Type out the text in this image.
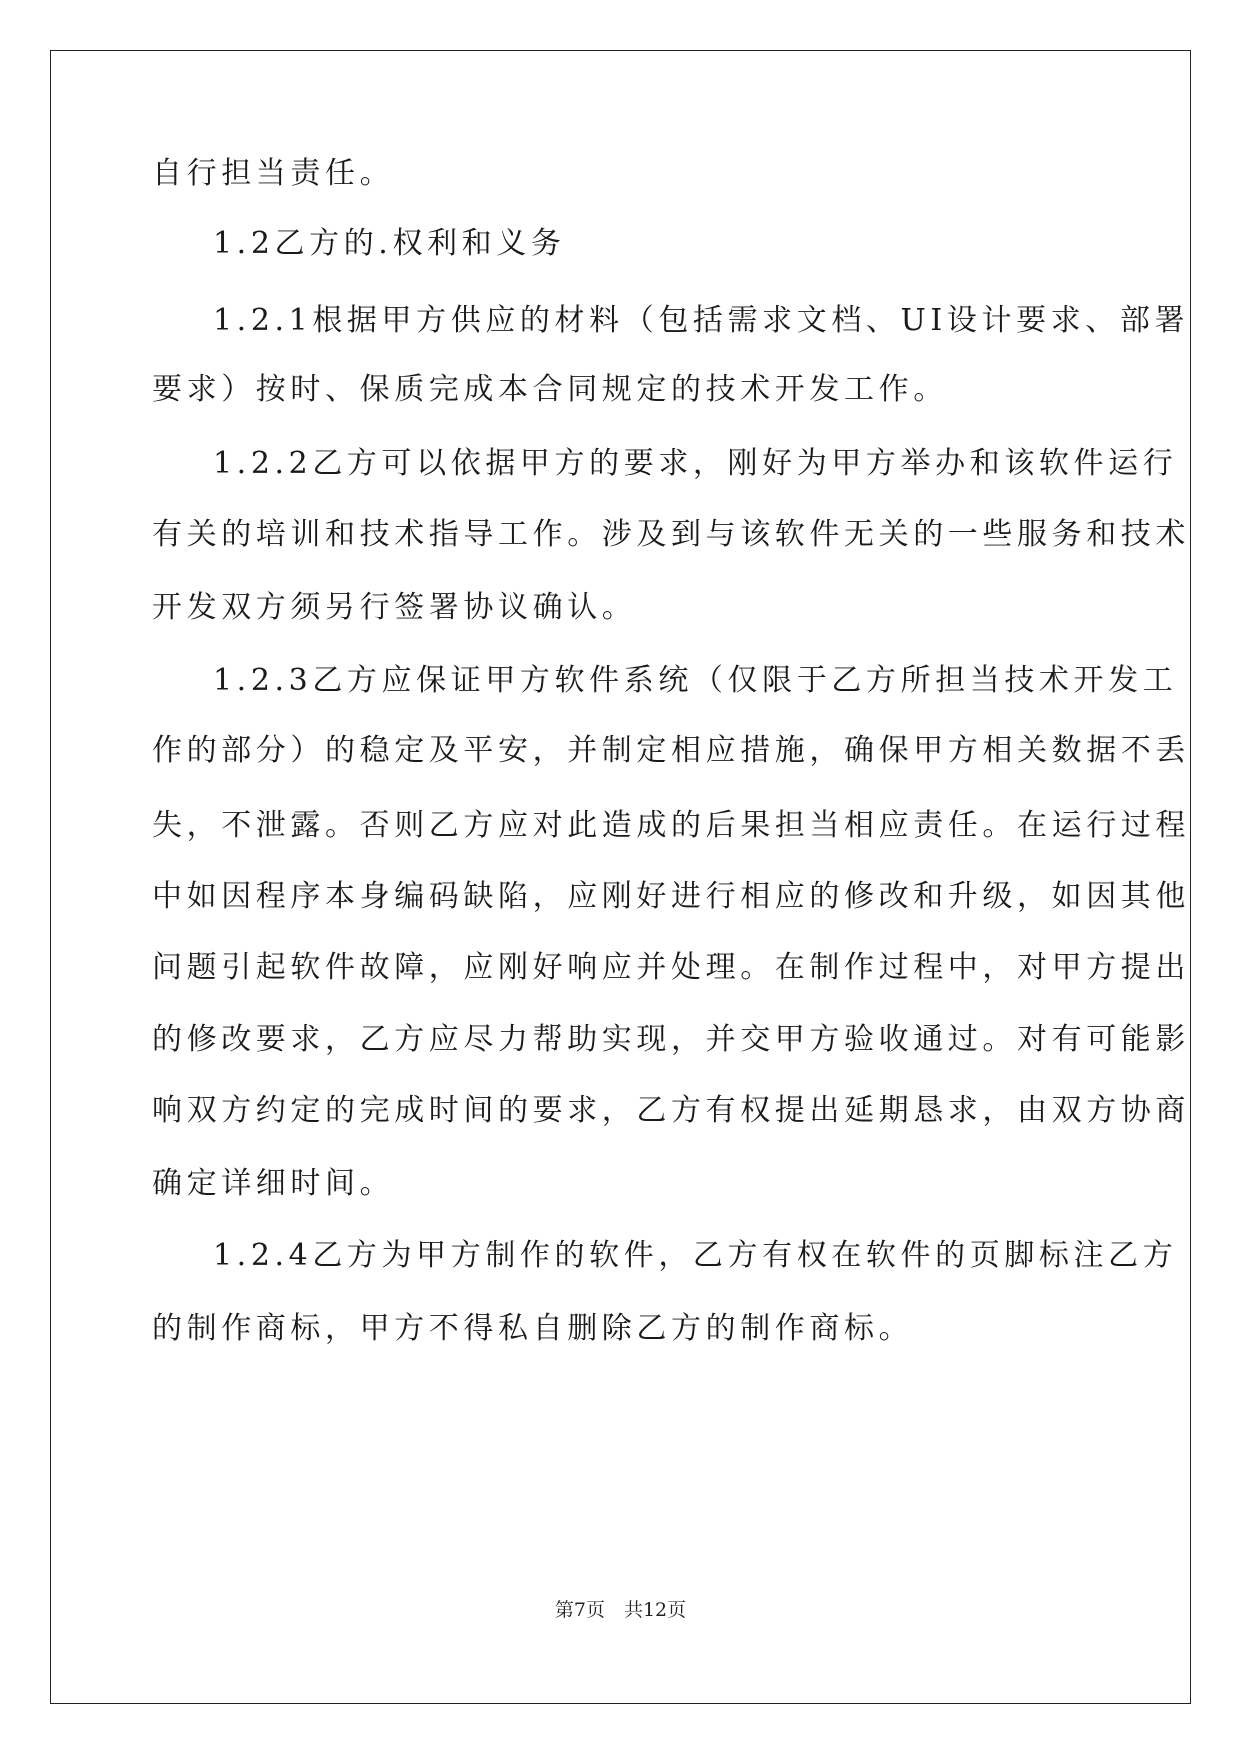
自行担当责任。
1.2乙方的.权利和义务
1.2.1根据甲方供应的材料（包括需求文档、UI设计要求、部署
要求）按时、保质完成本合同规定的技术开发工作。
1.2.2乙方可以依据甲方的要求，刚好为甲方举办和该软件运行
有关的培训和技术指导工作。涉及到与该软件无关的一些服务和技术
开发双方须另行签署协议确认。
1.2.3乙方应保证甲方软件系统（仅限于乙方所担当技术开发工
作的部分）的稳定及平安，并制定相应措施，确保甲方相关数据不丢
失，不泄露。否则乙方应对此造成的后果担当相应责任。在运行过程
中如因程序本身编码缺陷，应刚好进行相应的修改和升级，如因其他
问题引起软件故障，应刚好响应并处理。在制作过程中，对甲方提出
的修改要求，乙方应尽力帮助实现，并交甲方验收通过。对有可能影
响双方约定的完成时间的要求，乙方有权提出延期恳求，由双方协商
确定详细时间。
1.2.4乙方为甲方制作的软件，乙方有权在软件的页脚标注乙方
的制作商标，甲方不得私自删除乙方的制作商标。
第7页　共12页
